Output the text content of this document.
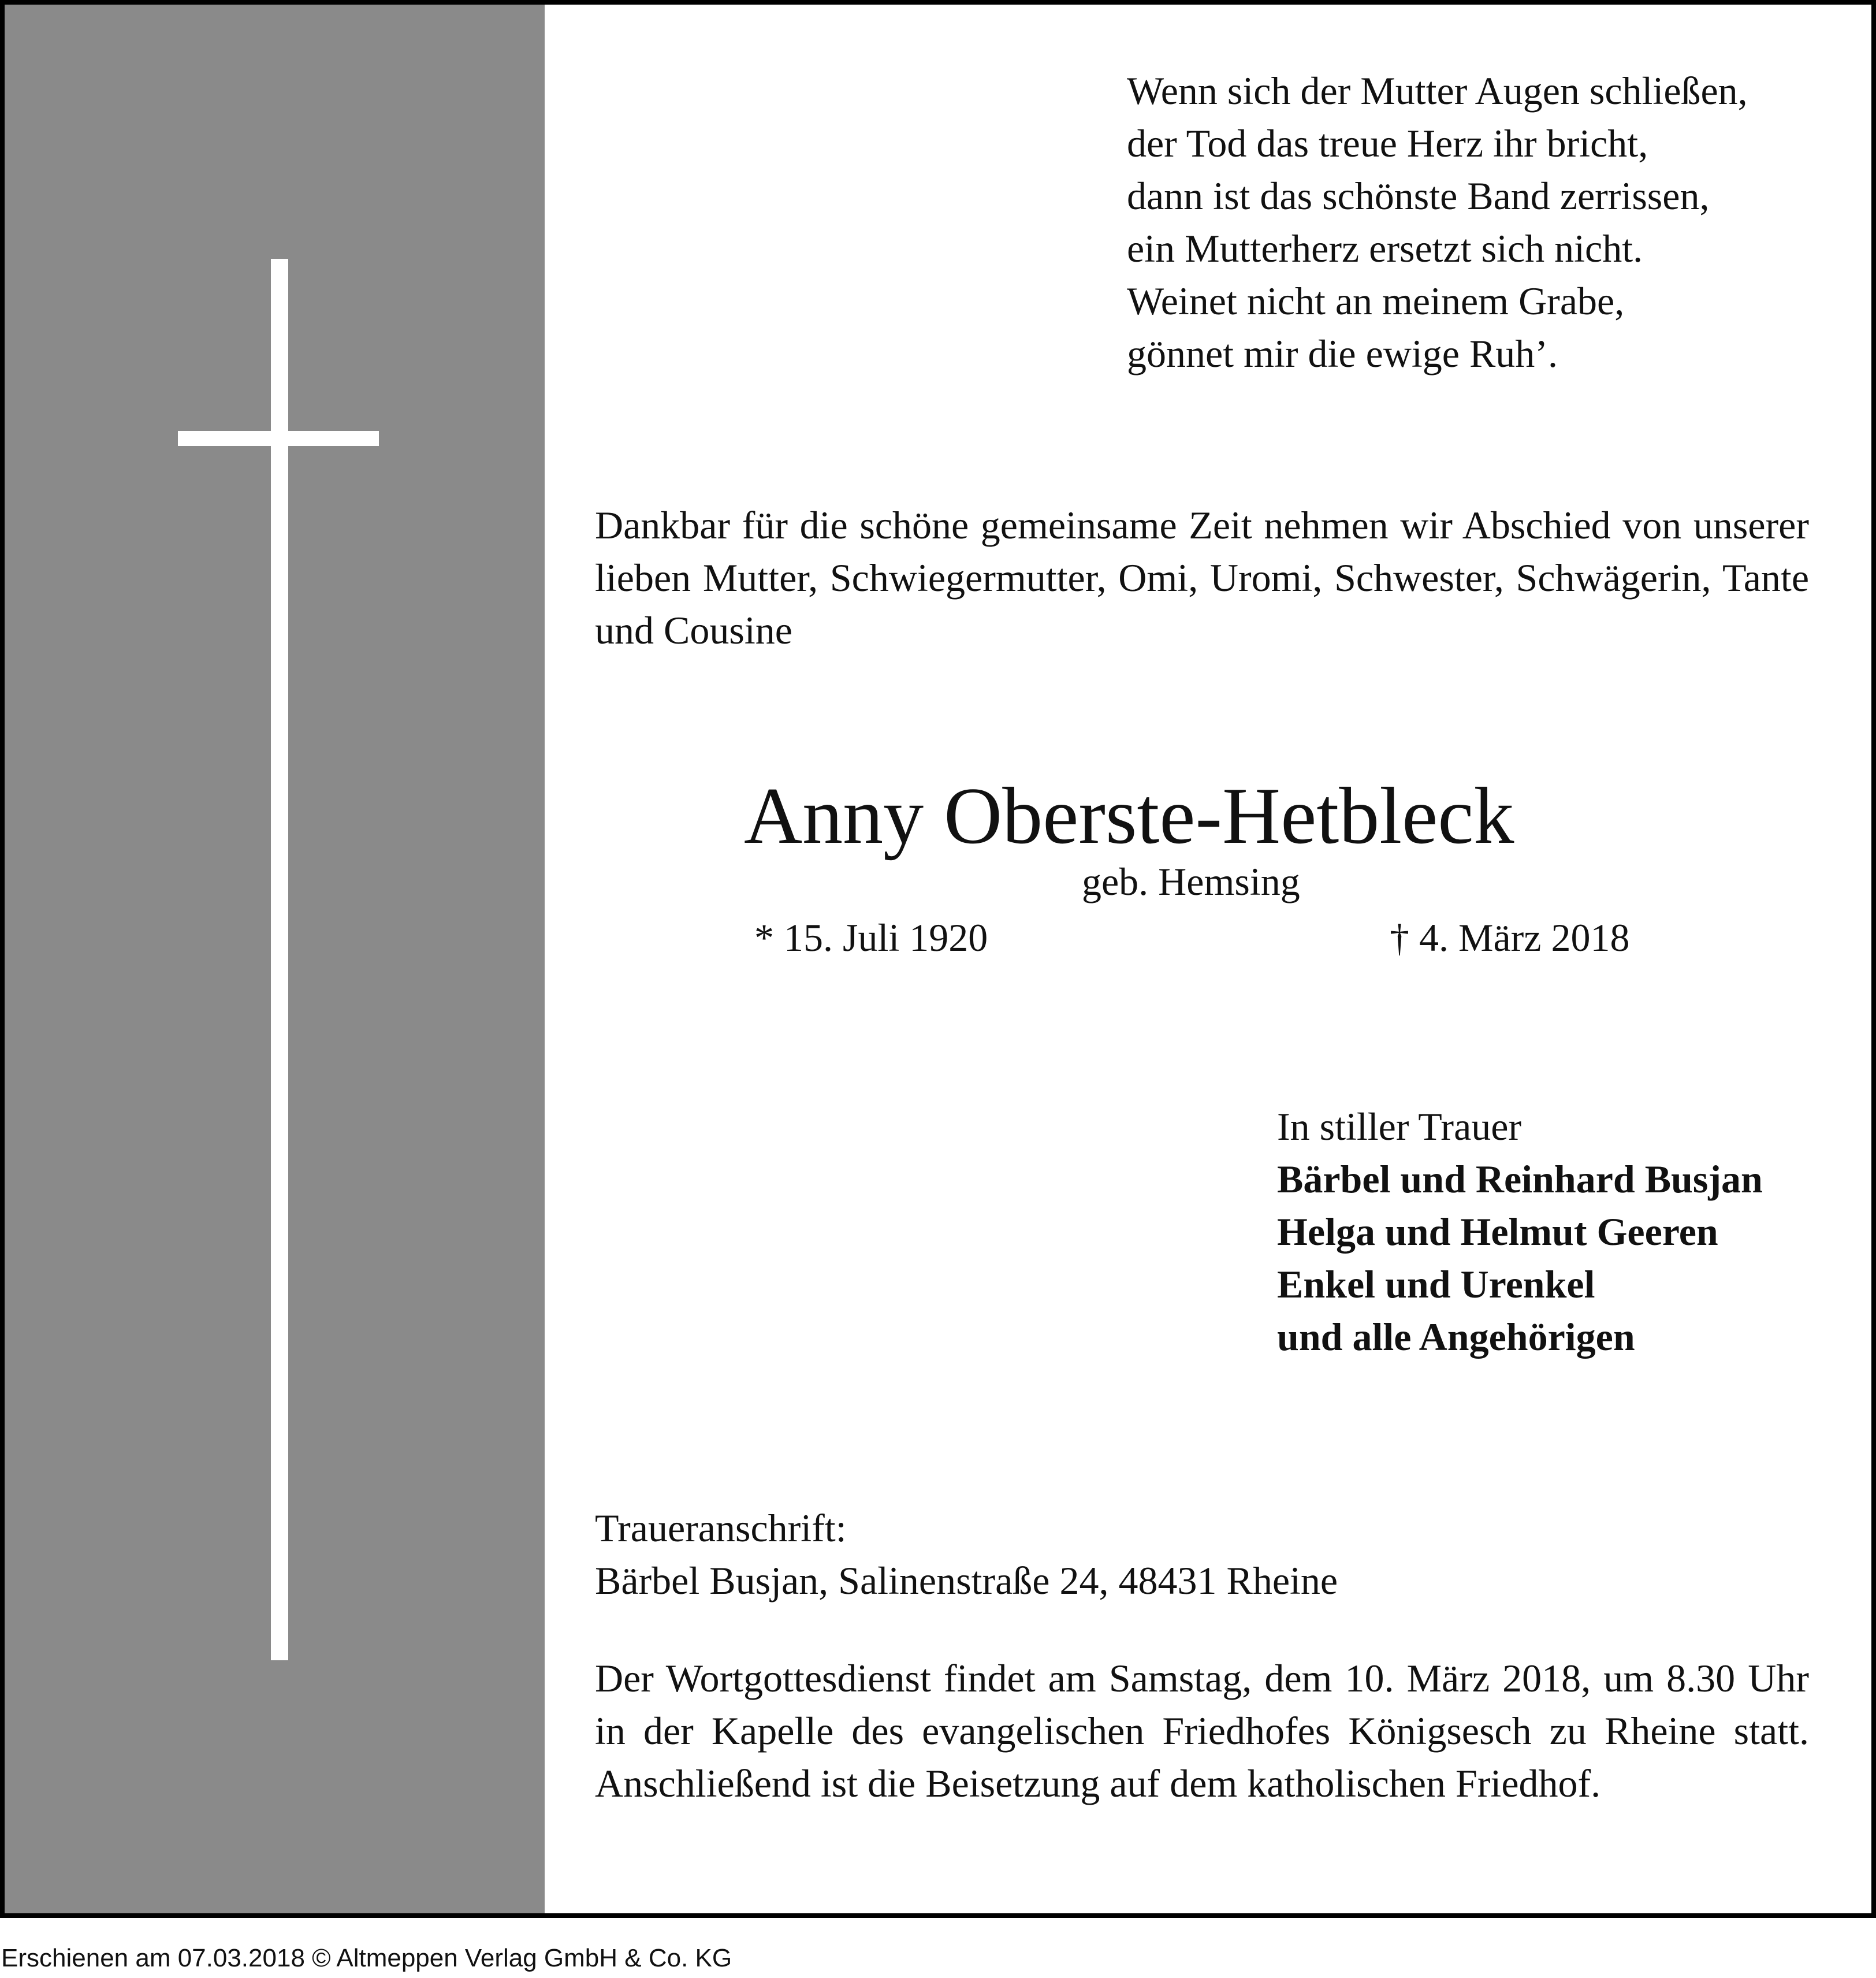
Wenn sich der Mutter Augen schließen,
der Tod das treue Herz ihr bricht,
dann ist das schönste Band zerrissen,
ein Mutterherz ersetzt sich nicht.
Weinet nicht an meinem Grabe,
gönnet mir die ewige Ruh’.
Dankbar für die schöne gemeinsame Zeit nehmen wir Abschied von unserer lieben Mutter, Schwiegermutter, Omi, Uromi, Schwester, Schwägerin, Tante und Cousine
Anny Oberste-Hetbleck
geb. Hemsing
* 15. Juli 1920	† 4. März 2018
In stiller Trauer
Bärbel und Reinhard Busjan
Helga und Helmut Geeren
Enkel und Urenkel
und alle Angehörigen
Traueranschrift:
Bärbel Busjan, Salinenstraße 24, 48431 Rheine
Der Wortgottesdienst findet am Samstag, dem 10. März 2018, um 8.30 Uhr in der Kapelle des evangelischen Friedhofes Königsesch zu Rheine statt. Anschließend ist die Beisetzung auf dem katholischen Friedhof.
Erschienen am 07.03.2018 © Altmeppen Verlag GmbH & Co. KG
